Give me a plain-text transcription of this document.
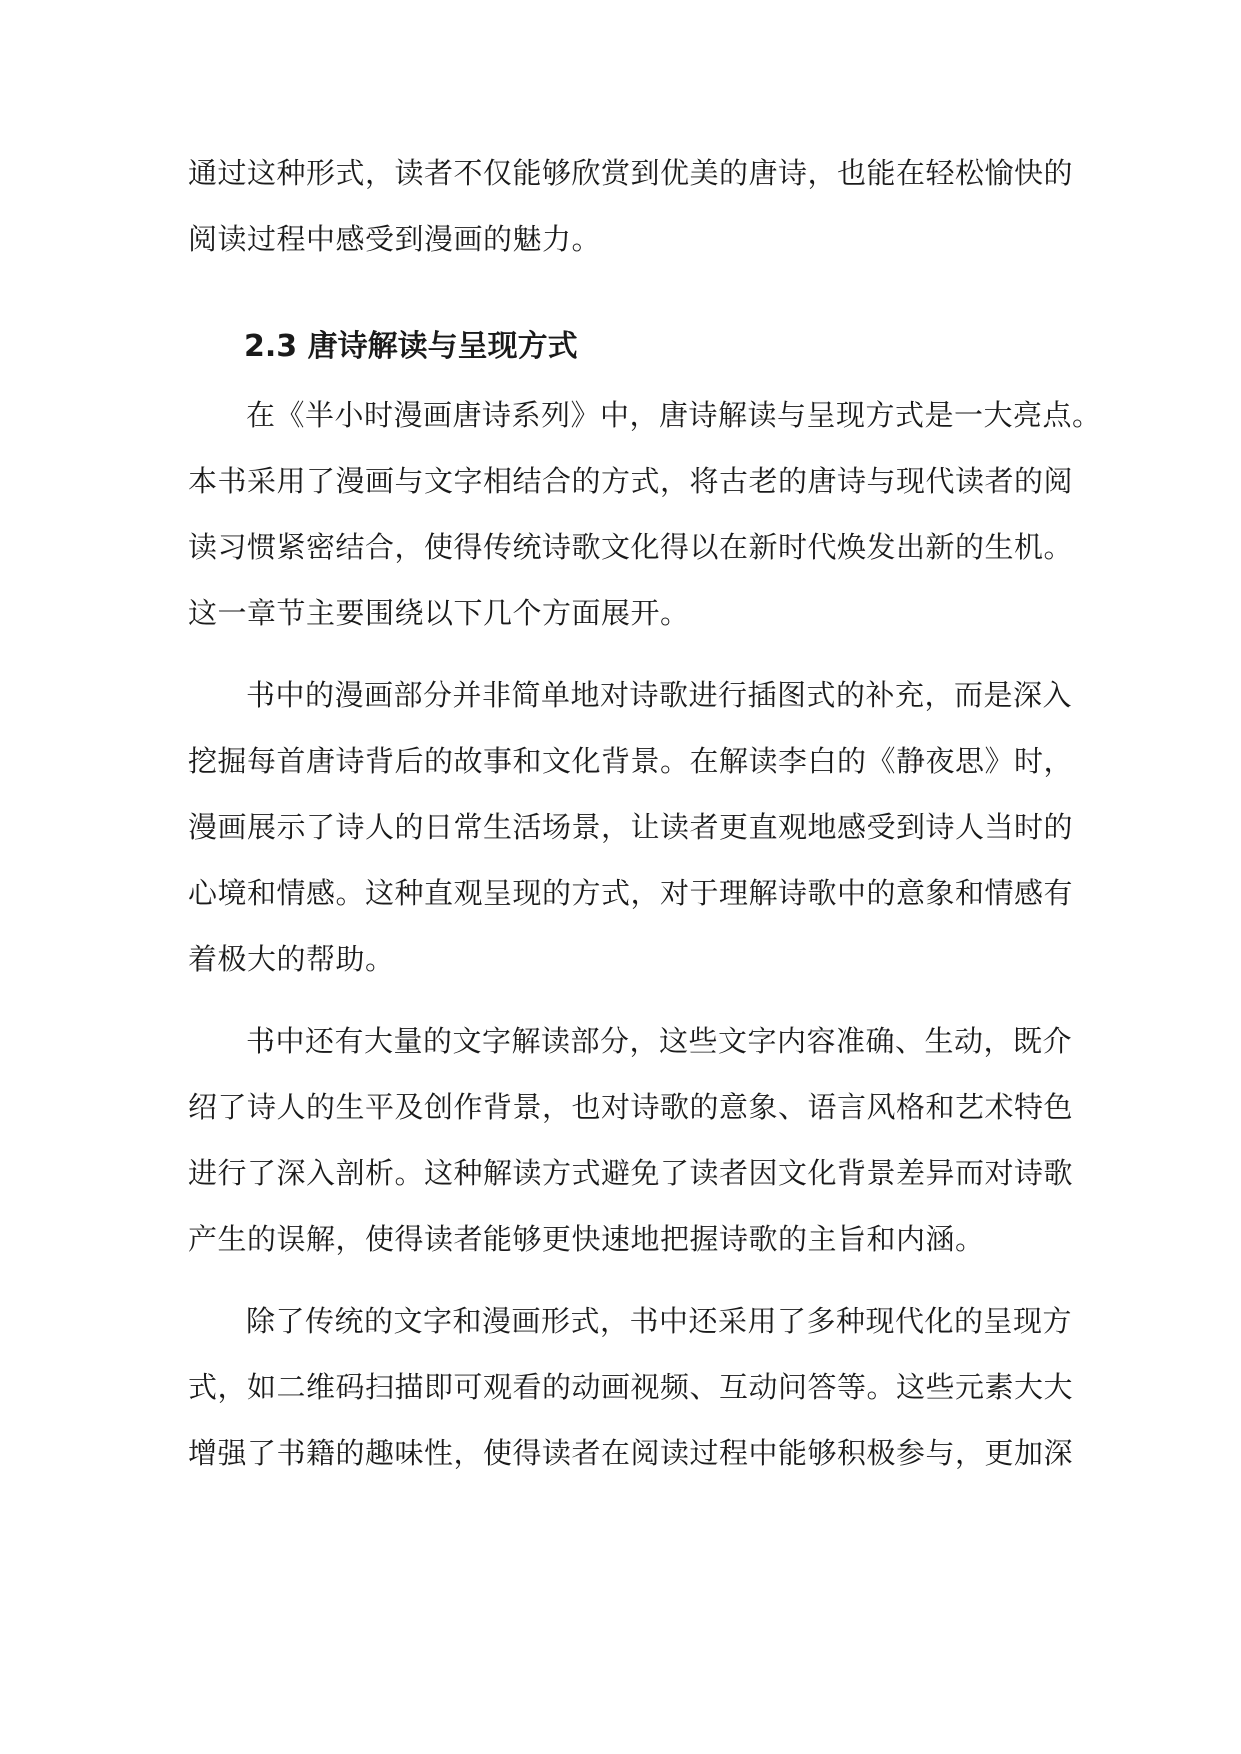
通过这种形式，读者不仅能够欣赏到优美的唐诗，也能在轻松愉快的
阅读过程中感受到漫画的魅力。
2.3 唐诗解读与呈现方式
在《半小时漫画唐诗系列》中，唐诗解读与呈现方式是一大亮点。
本书采用了漫画与文字相结合的方式，将古老的唐诗与现代读者的阅
读习惯紧密结合，使得传统诗歌文化得以在新时代焕发出新的生机。
这一章节主要围绕以下几个方面展开。
书中的漫画部分并非简单地对诗歌进行插图式的补充，而是深入
挖掘每首唐诗背后的故事和文化背景。在解读李白的《静夜思》时，
漫画展示了诗人的日常生活场景，让读者更直观地感受到诗人当时的
心境和情感。这种直观呈现的方式，对于理解诗歌中的意象和情感有
着极大的帮助。
书中还有大量的文字解读部分，这些文字内容准确、生动，既介
绍了诗人的生平及创作背景，也对诗歌的意象、语言风格和艺术特色
进行了深入剖析。这种解读方式避免了读者因文化背景差异而对诗歌
产生的误解，使得读者能够更快速地把握诗歌的主旨和内涵。
除了传统的文字和漫画形式，书中还采用了多种现代化的呈现方
式，如二维码扫描即可观看的动画视频、互动问答等。这些元素大大
增强了书籍的趣味性，使得读者在阅读过程中能够积极参与，更加深
